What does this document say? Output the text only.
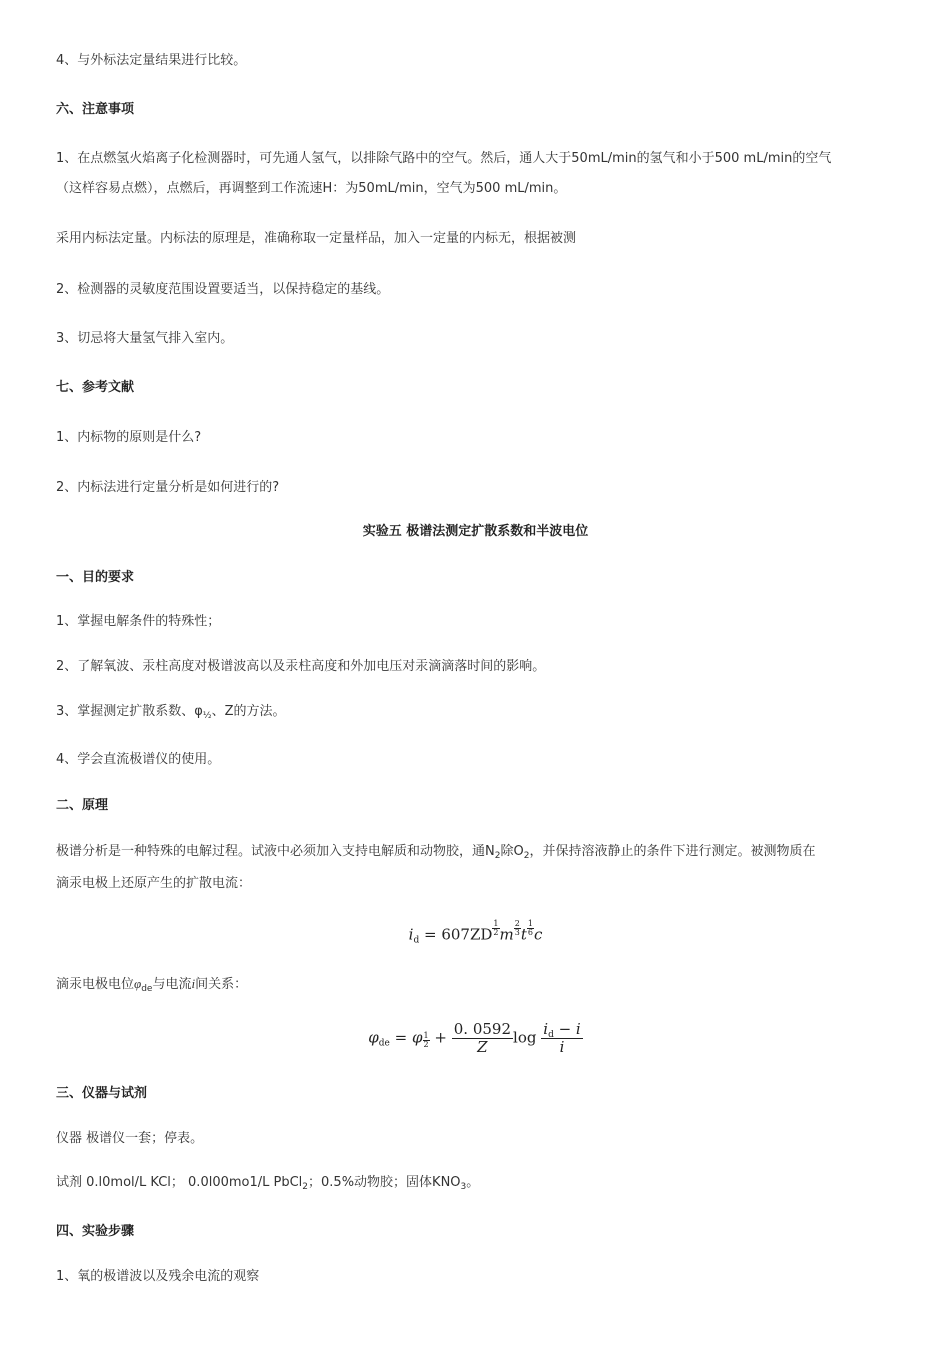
4、与外标法定量结果进行比较。
六、注意事项
1、在点燃氢火焰离子化检测器时，可先通人氢气，以排除气路中的空气。然后，通人大于50mL/min的氢气和小于500 mL/min的空气
（这样容易点燃），点燃后，再调整到工作流速H：为50mL/min，空气为500 mL/min。
采用内标法定量。内标法的原理是，准确称取一定量样品，加入一定量的内标无，根据被测
2、检测器的灵敏度范围设置要适当，以保持稳定的基线。
3、切忌将大量氢气排入室内。
七、参考文献
1、内标物的原则是什么?
2、内标法进行定量分析是如何进行的?
实验五 极谱法测定扩散系数和半波电位
一、目的要求
1、掌握电解条件的特殊性；
2、了解氧波、汞柱高度对极谱波高以及汞柱高度和外加电压对汞滴滴落时间的影响。
3、掌握测定扩散系数、$\varphi_{\frac{1}{2}}$、Z的方法。
4、学会直流极谱仪的使用。
二、原理
极谱分析是一种特殊的电解过程。试液中必须加入支持电解质和动物胶，通$N_2$除$O_2$，并保持溶液静止的条件下进行测定。被测物质在
滴汞电极上还原产生的扩散电流：
$i_d = 607ZD \frac{1}{2}$ m $\frac{2}{3}$ t $\frac{1}{6}$ c
滴汞电极电位$\varphi_{de}$与电流i间关系：
$\varphi_{de} = \varphi \frac{1}{2} + \frac{0. 0592}{Z}$ $\log \frac{i_d - i}{i}$
三、仪器与试剂
仪器 极谱仪一套；停表。
试剂 0.l0mol/L KCl； 0.0l00mo1/L PbCl$_2$；0.5%动物胶；固体$KNO_3$。
四、实验步骤
1、氧的极谱波以及残余电流的观察
